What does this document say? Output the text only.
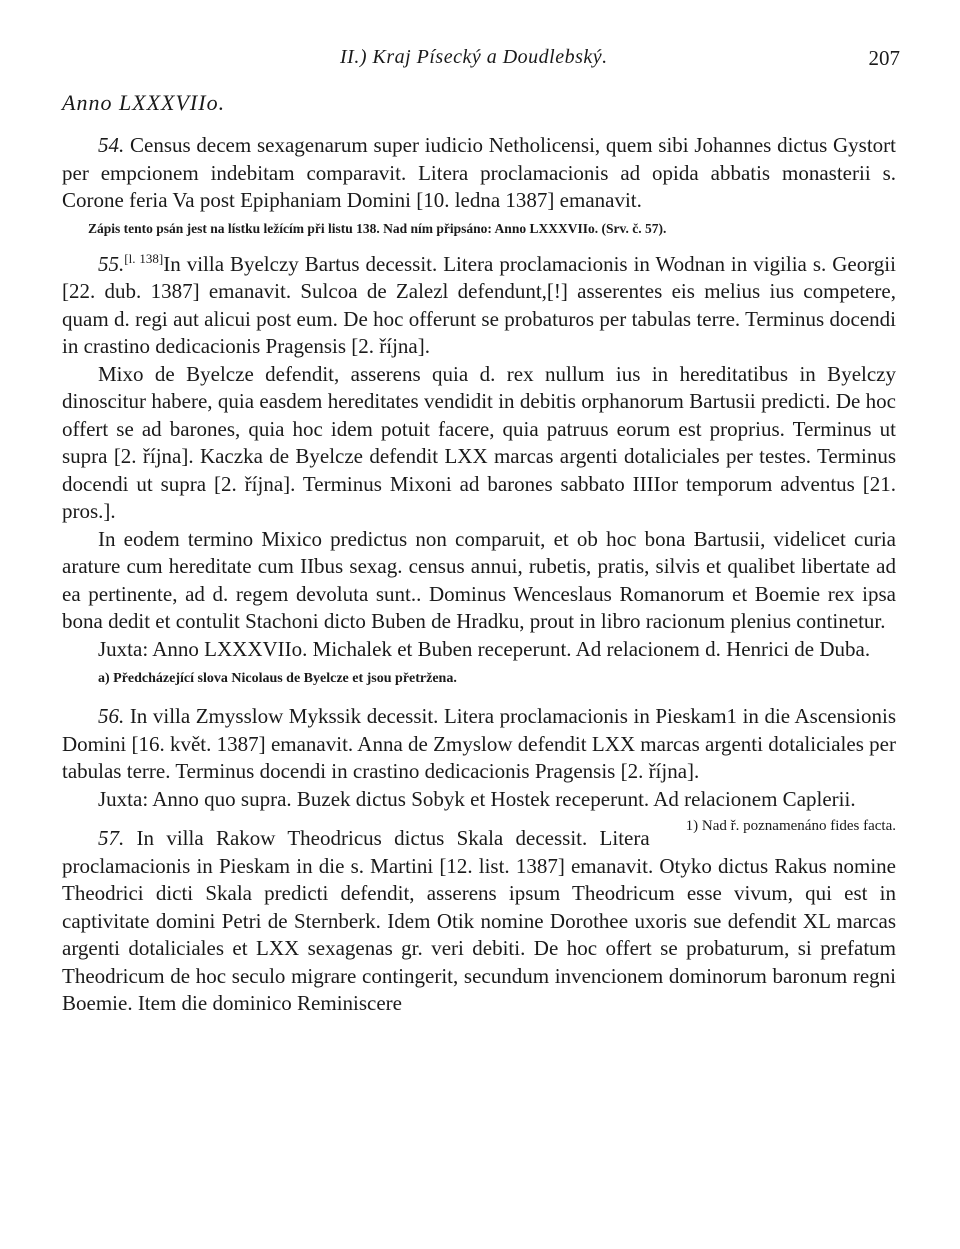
II.) Kraj Písecký a Doudlebský.	207
Anno LXXXVIIo.

54. Census decem sexagenarum super iudicio Netholicensi, quem sibi Johannes dictus Gystort per empcionem indebitam comparavit. Litera proclamacionis ad opida abbatis monasterii s. Corone feria Va post Epiphaniam Domini [10. ledna 1387] emanavit.

Zápis tento psán jest na lístku ležícím při listu 138. Nad ním připsáno: Anno LXXXVIIo. (Srv. č. 57).

55.[l. 138]In villa Byelczy Bartus decessit. Litera proclamacionis in Wodnan in vigilia s. Georgii [22. dub. 1387] emanavit. Sulcoa de Zalezl defendunt,[!] asserentes eis melius ius competere, quam d. regi aut alicui post eum. De hoc offerunt se probaturos per tabulas terre. Terminus docendi in crastino dedicacionis Pragensis [2. října].

Mixo de Byelcze defendit, asserens quia d. rex nullum ius in hereditatibus in Byelczy dinoscitur habere, quia easdem hereditates vendidit in debitis orphanorum Bartusii predicti. De hoc offert se ad barones, quia hoc idem potuit facere, quia patruus eorum est proprius. Terminus ut supra [2. října]. Kaczka de Byelcze defendit LXX marcas argenti dotaliciales per testes. Terminus docendi ut supra [2. října]. Terminus Mixoni ad barones sabbato IIIIor temporum adventus [21. pros.].

In eodem termino Mixico predictus non comparuit, et ob hoc bona Bartusii, videlicet curia arature cum hereditate cum IIbus sexag. census annui, rubetis, pratis, silvis et qualibet libertate ad ea pertinente, ad d. regem devoluta sunt.. Dominus Wenceslaus Romanorum et Boemie rex ipsa bona dedit et contulit Stachoni dicto Buben de Hradku, prout in libro racionum plenius continetur.

Juxta: Anno LXXXVIIo. Michalek et Buben receperunt. Ad relacionem d. Henrici de Duba.

a) Předcházející slova Nicolaus de Byelcze et jsou přetržena.

56. In villa Zmysslow Mykssik decessit. Litera proclamacionis in Pieskam1 in die Ascensionis Domini [16. květ. 1387] emanavit. Anna de Zmyslow defendit LXX marcas argenti dotaliciales per tabulas terre. Terminus docendi in crastino dedicacionis Pragensis [2. října].

Juxta: Anno quo supra. Buzek dictus Sobyk et Hostek receperunt. Ad relacionem Caplerii.
1) Nad ř. poznamenáno fides facta.

57. In villa Rakow Theodricus dictus Skala decessit. Litera proclamacionis in Pieskam in die s. Martini [12. list. 1387] emanavit. Otyko dictus Rakus nomine Theodrici dicti Skala predicti defendit, asserens ipsum Theodricum esse vivum, qui est in captivitate domini Petri de Sternberk. Idem Otik nomine Dorothee uxoris sue defendit XL marcas argenti dotaliciales et LXX sexagenas gr. veri debiti. De hoc offert se probaturum, si prefatum Theodricum de hoc seculo migrare contingerit, secundum invencionem dominorum baronum regni Boemie. Item die dominico Reminiscere
